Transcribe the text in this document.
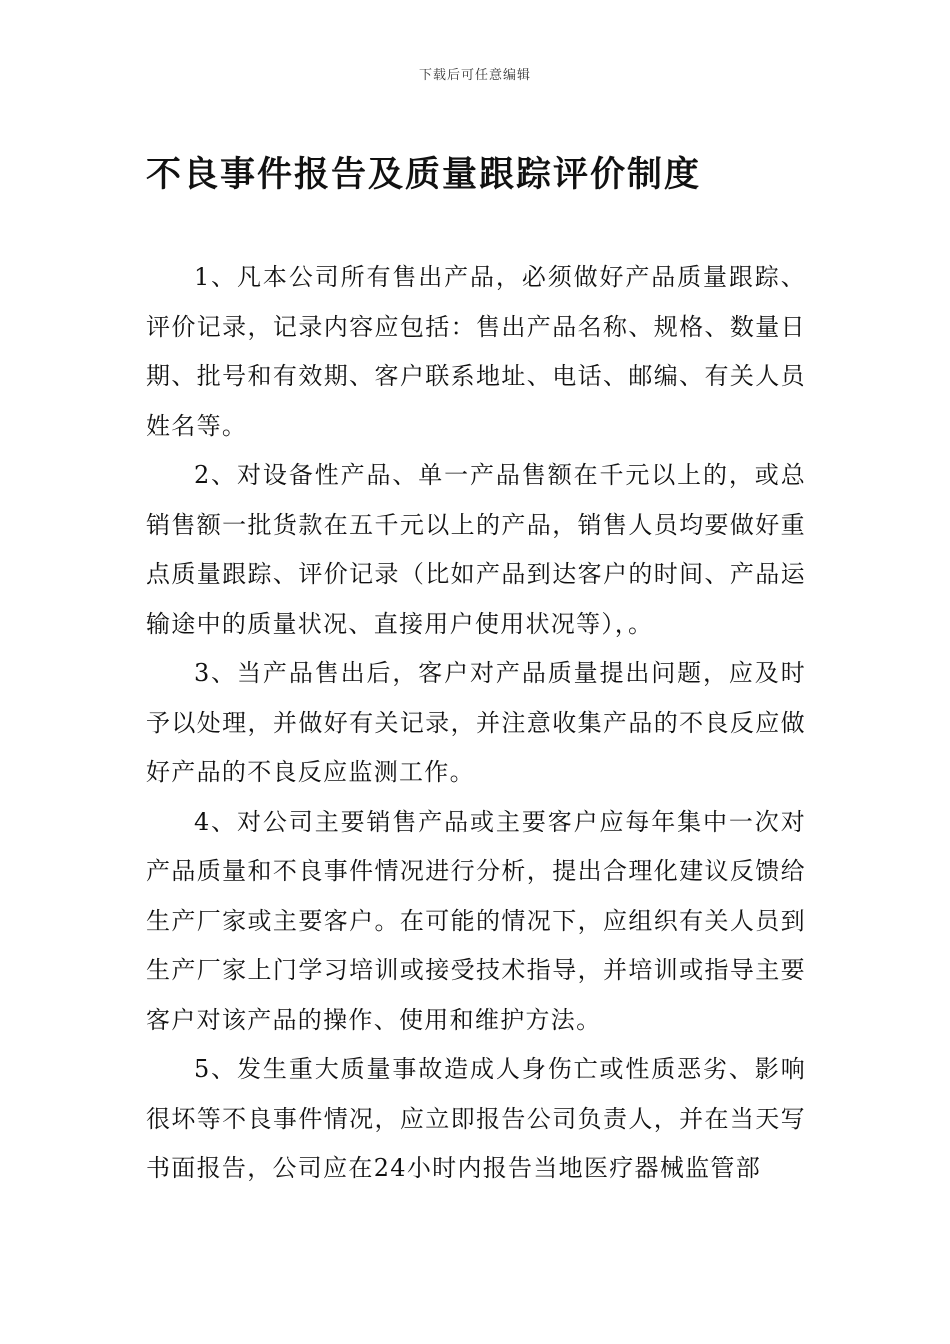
下载后可任意编辑
不良事件报告及质量跟踪评价制度

1、凡本公司所有售出产品，必须做好产品质量跟踪、评价记录，记录内容应包括：售出产品名称、规格、数量日期、批号和有效期、客户联系地址、电话、邮编、有关人员姓名等。

2、对设备性产品、单一产品售额在千元以上的，或总销售额一批货款在五千元以上的产品，销售人员均要做好重点质量跟踪、评价记录（比如产品到达客户的时间、产品运输途中的质量状况、直接用户使用状况等），。

3、当产品售出后，客户对产品质量提出问题，应及时予以处理，并做好有关记录，并注意收集产品的不良反应做好产品的不良反应监测工作。

4、对公司主要销售产品或主要客户应每年集中一次对产品质量和不良事件情况进行分析，提出合理化建议反馈给生产厂家或主要客户。在可能的情况下，应组织有关人员到生产厂家上门学习培训或接受技术指导，并培训或指导主要客户对该产品的操作、使用和维护方法。

5、发生重大质量事故造成人身伤亡或性质恶劣、影响很坏等不良事件情况，应立即报告公司负责人，并在当天写书面报告，公司应在24小时内报告当地医疗器械监管部
